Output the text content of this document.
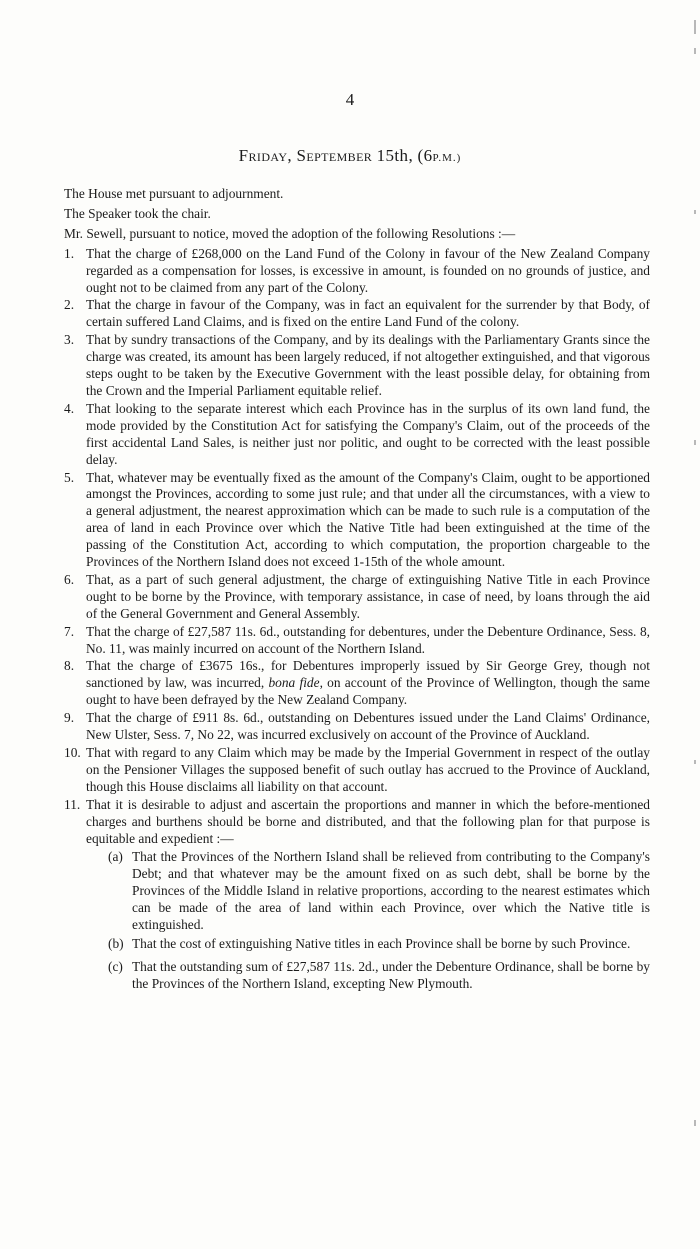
4
Friday, September 15th, (6P.M.)

The House met pursuant to adjournment.

The Speaker took the chair.

Mr. Sewell, pursuant to notice, moved the adoption of the following Resolutions :—

1. That the charge of £268,000 on the Land Fund of the Colony in favour of the New Zealand Company regarded as a compensation for losses, is excessive in amount, is founded on no grounds of justice, and ought not to be claimed from any part of the Colony.
2. That the charge in favour of the Company, was in fact an equivalent for the surrender by that Body, of certain suffered Land Claims, and is fixed on the entire Land Fund of the colony.
3. That by sundry transactions of the Company, and by its dealings with the Parliamentary Grants since the charge was created, its amount has been largely reduced, if not altogether extinguished, and that vigorous steps ought to be taken by the Executive Government with the least possible delay, for obtaining from the Crown and the Imperial Parliament equitable relief.
4. That looking to the separate interest which each Province has in the surplus of its own land fund, the mode provided by the Constitution Act for satisfying the Company's Claim, out of the proceeds of the first accidental Land Sales, is neither just nor politic, and ought to be corrected with the least possible delay.
5. That, whatever may be eventually fixed as the amount of the Company's Claim, ought to be apportioned amongst the Provinces, according to some just rule; and that under all the circumstances, with a view to a general adjustment, the nearest approximation which can be made to such rule is a computation of the area of land in each Province over which the Native Title had been extinguished at the time of the passing of the Constitution Act, according to which computation, the proportion chargeable to the Provinces of the Northern Island does not exceed 1-15th of the whole amount.
6. That, as a part of such general adjustment, the charge of extinguishing Native Title in each Province ought to be borne by the Province, with temporary assistance, in case of need, by loans through the aid of the General Government and General Assembly.
7. That the charge of £27,587 11s. 6d., outstanding for debentures, under the Debenture Ordinance, Sess. 8, No. 11, was mainly incurred on account of the Northern Island.
8. That the charge of £3675 16s., for Debentures improperly issued by Sir George Grey, though not sanctioned by law, was incurred, bona fide, on account of the Province of Wellington, though the same ought to have been defrayed by the New Zealand Company.
9. That the charge of £911 8s. 6d., outstanding on Debentures issued under the Land Claims' Ordinance, New Ulster, Sess. 7, No 22, was incurred exclusively on account of the Province of Auckland.
10. That with regard to any Claim which may be made by the Imperial Government in respect of the outlay on the Pensioner Villages the supposed benefit of such outlay has accrued to the Province of Auckland, though this House disclaims all liability on that account.
11. That it is desirable to adjust and ascertain the proportions and manner in which the before-mentioned charges and burthens should be borne and distributed, and that the following plan for that purpose is equitable and expedient :—
(a) That the Provinces of the Northern Island shall be relieved from contributing to the Company's Debt; and that whatever may be the amount fixed on as such debt, shall be borne by the Provinces of the Middle Island in relative proportions, according to the nearest estimates which can be made of the area of land within each Province, over which the Native title is extinguished.
(b) That the cost of extinguishing Native titles in each Province shall be borne by such Province.
(c) That the outstanding sum of £27,587 11s. 2d., under the Debenture Ordinance, shall be borne by the Provinces of the Northern Island, excepting New Plymouth.
